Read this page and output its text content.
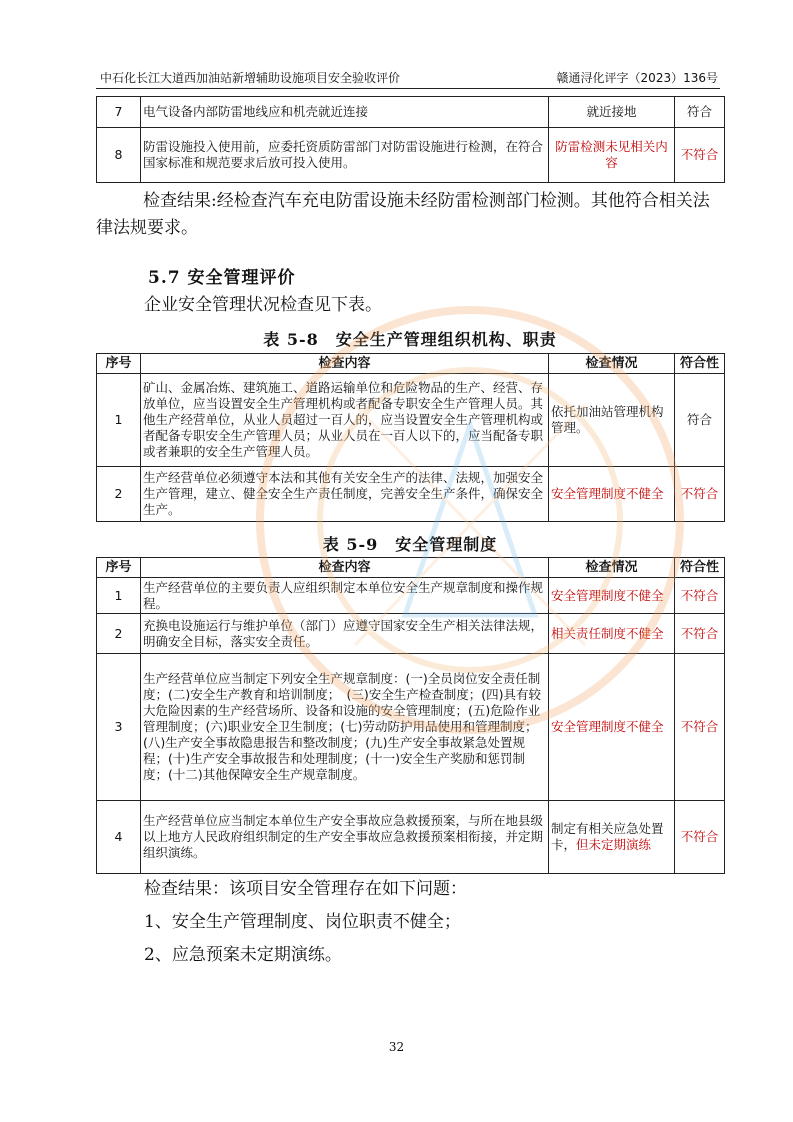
中石化长江大道西加油站新增辅助设施项目安全验收评价	赣通浔化评字（2023）136号
7	电气设备内部防雷地线应和机壳就近连接	就近接地	符合
8	防雷设施投入使用前，应委托资质防雷部门对防雷设施进行检测，在符合国家标准和规范要求后放可投入使用。	防雷检测未见相关内容	不符合
检查结果:经检查汽车充电防雷设施未经防雷检测部门检测。其他符合相关法律法规要求。
5.7 安全管理评价
企业安全管理状况检查见下表。
表 5-8　安全生产管理组织机构、职责
序号	检查内容	检查情况	符合性
1	矿山、金属冶炼、建筑施工、道路运输单位和危险物品的生产、经营、存放单位，应当设置安全生产管理机构或者配备专职安全生产管理人员。其他生产经营单位，从业人员超过一百人的，应当设置安全生产管理机构或者配备专职安全生产管理人员；从业人员在一百人以下的，应当配备专职或者兼职的安全生产管理人员。	依托加油站管理机构管理。	符合
2	生产经营单位必须遵守本法和其他有关安全生产的法律、法规，加强安全生产管理，建立、健全安全生产责任制度，完善安全生产条件，确保安全生产。	安全管理制度不健全	不符合
表 5-9　安全管理制度
序号	检查内容	检查情况	符合性
1	生产经营单位的主要负责人应组织制定本单位安全生产规章制度和操作规程。	安全管理制度不健全	不符合
2	充换电设施运行与维护单位（部门）应遵守国家安全生产相关法律法规，明确安全目标，落实安全责任。	相关责任制度不健全	不符合
3	生产经营单位应当制定下列安全生产规章制度：(一)全员岗位安全责任制度；(二)安全生产教育和培训制度；　(三)安全生产检查制度；(四)具有较大危险因素的生产经营场所、设备和设施的安全管理制度；(五)危险作业管理制度；(六)职业安全卫生制度；(七)劳动防护用品使用和管理制度；(八)生产安全事故隐患报告和整改制度；(九)生产安全事故紧急处置规程；(十)生产安全事故报告和处理制度；(十一)安全生产奖励和惩罚制度；(十二)其他保障安全生产规章制度。	安全管理制度不健全	不符合
4	生产经营单位应当制定本单位生产安全事故应急救援预案，与所在地县级以上地方人民政府组织制定的生产安全事故应急救援预案相衔接，并定期组织演练。	制定有相关应急处置卡，但未定期演练	不符合
检查结果：该项目安全管理存在如下问题：
1、安全生产管理制度、岗位职责不健全；
2、应急预案未定期演练。
32
